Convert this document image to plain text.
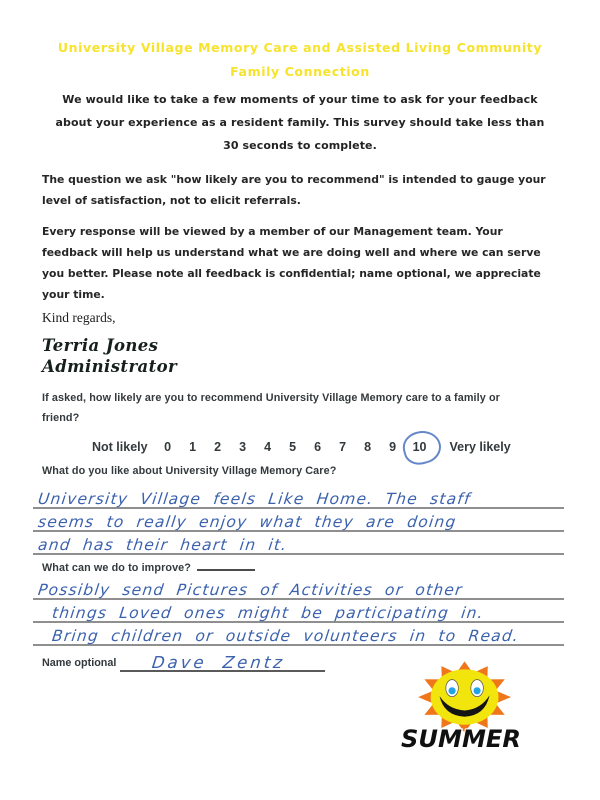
University Village Memory Care and Assisted Living Community
Family Connection
We would like to take a few moments of your time to ask for your feedback
about your experience as a resident family. This survey should take less than
30 seconds to complete.
The question we ask "how likely are you to recommend" is intended to gauge your
level of satisfaction, not to elicit referrals.
Every response will be viewed by a member of our Management team. Your
feedback will help us understand what we are doing well and where we can serve
you better. Please note all feedback is confidential; name optional, we appreciate
your time.
Kind regards,
Terria Jones
Administrator
If asked, how likely are you to recommend University Village Memory care to a family or
friend?
Not likely 0 1 2 3 4 5 6 7 8 9 10 Very likely
What do you like about University Village Memory Care?
University Village feels Like Home. The staff
seems to really enjoy what they are doing
and has their heart in it.
What can we do to improve?
Possibly send Pictures of Activities or other
things Loved ones might be participating in.
Bring children or outside volunteers in to Read.
Name optional Dave Zentz
SUMMER
